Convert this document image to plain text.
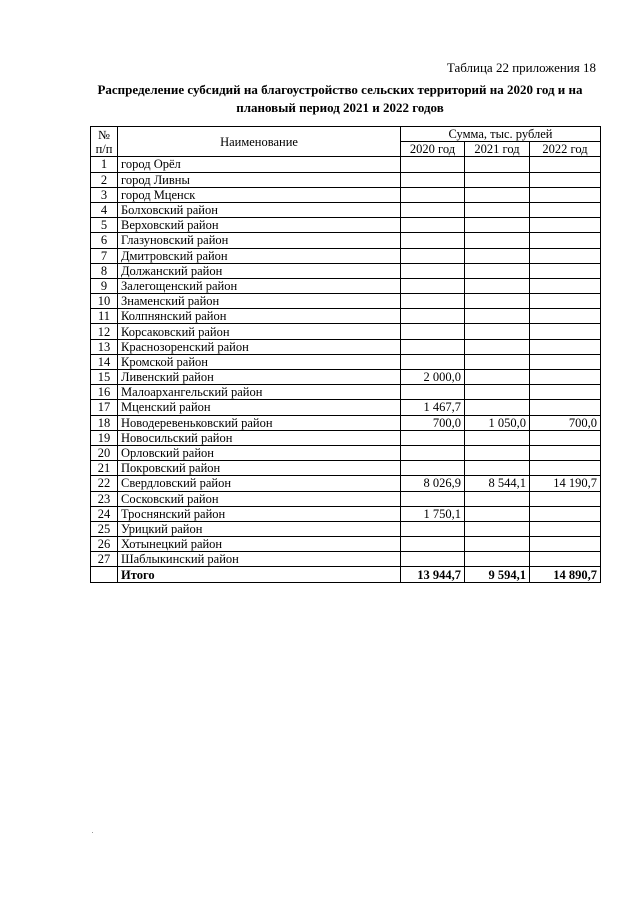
Таблица 22 приложения 18
Распределение субсидий на благоустройство сельских территорий на 2020 год и на
плановый период 2021 и 2022 годов
№
п/п	Наименование	Сумма, тыс. рублей		
		2020 год	2021 год	2022 год
1	город Орёл			
2	город Ливны			
3	город Мценск			
4	Болховский район			
5	Верховский район			
6	Глазуновский район			
7	Дмитровский район			
8	Должанский район			
9	Залегощенский район			
10	Знаменский район			
11	Колпнянский район			
12	Корсаковский район			
13	Краснозоренский район			
14	Кромской район			
15	Ливенский район	2 000,0		
16	Малоархангельский район			
17	Мценский район	1 467,7		
18	Новодеревеньковский район	700,0	1 050,0	700,0
19	Новосильский район			
20	Орловский район			
21	Покровский район			
22	Свердловский район	8 026,9	8 544,1	14 190,7
23	Сосковский район			
24	Троснянский район	1 750,1		
25	Урицкий район			
26	Хотынецкий район			
27	Шаблыкинский район			
	Итого	13 944,7	9 594,1	14 890,7
